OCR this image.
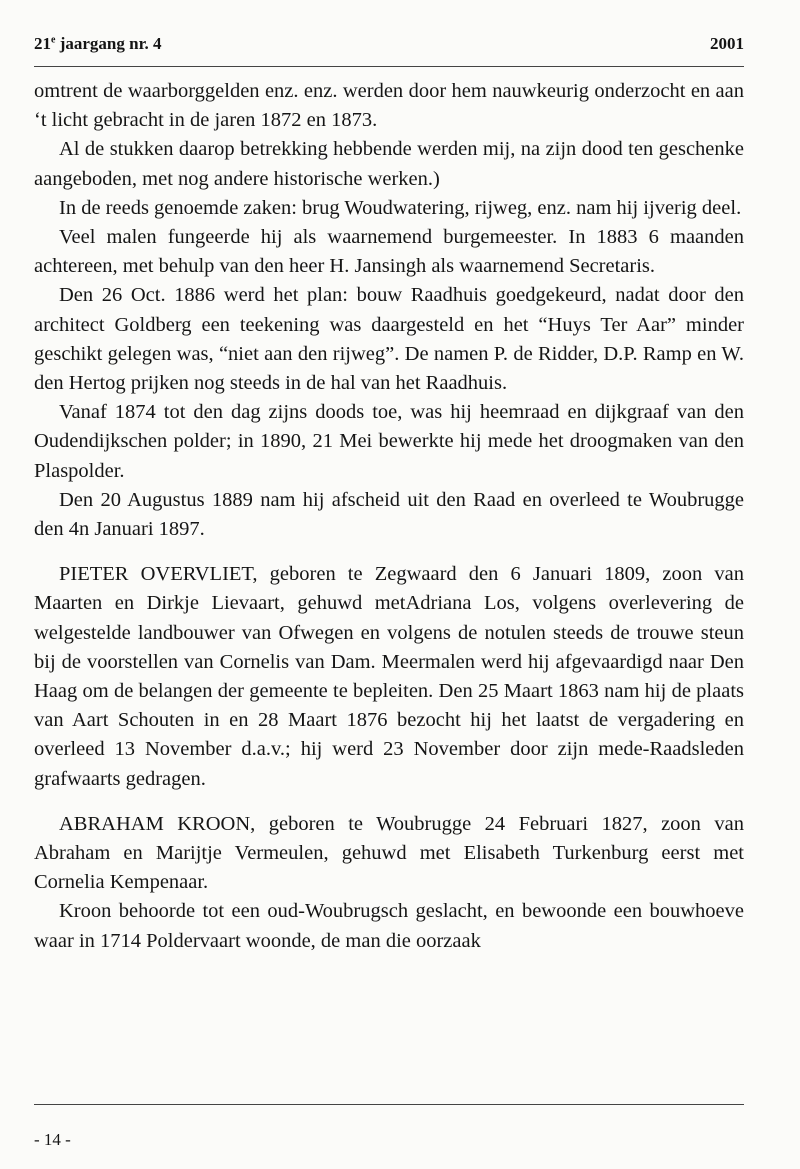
21e jaargang nr. 4	2001

omtrent de waarborggelden enz. enz. werden door hem nauwkeurig onderzocht en aan ‘t licht gebracht in de jaren 1872 en 1873.

Al de stukken daarop betrekking hebbende werden mij, na zijn dood ten geschenke aangeboden, met nog andere historische werken.)

In de reeds genoemde zaken: brug Woudwatering, rijweg, enz. nam hij ijverig deel.

Veel malen fungeerde hij als waarnemend burgemeester. In 1883 6 maanden achtereen, met behulp van den heer H. Jansingh als waarnemend Secretaris.

Den 26 Oct. 1886 werd het plan: bouw Raadhuis goedgekeurd, nadat door den architect Goldberg een teekening was daargesteld en het “Huys Ter Aar” minder geschikt gelegen was, “niet aan den rijweg”. De namen P. de Ridder, D.P. Ramp en W. den Hertog prijken nog steeds in de hal van het Raadhuis.

Vanaf 1874 tot den dag zijns doods toe, was hij heemraad en dijkgraaf van den Oudendijkschen polder; in 1890, 21 Mei bewerkte hij mede het droogmaken van den Plaspolder.

Den 20 Augustus 1889 nam hij afscheid uit den Raad en overleed te Woubrugge den 4n Januari 1897.

PIETER OVERVLIET, geboren te Zegwaard den 6 Januari 1809, zoon van Maarten en Dirkje Lievaart, gehuwd metAdriana Los, volgens overlevering de welgestelde landbouwer van Ofwegen en volgens de notulen steeds de trouwe steun bij de voorstellen van Cornelis van Dam. Meermalen werd hij afgevaardigd naar Den Haag om de belangen der gemeente te bepleiten. Den 25 Maart 1863 nam hij de plaats van Aart Schouten in en 28 Maart 1876 bezocht hij het laatst de vergadering en overleed 13 November d.a.v.; hij werd 23 November door zijn mede-Raadsleden grafwaarts gedragen.

ABRAHAM KROON, geboren te Woubrugge 24 Februari 1827, zoon van Abraham en Marijtje Vermeulen, gehuwd met Elisabeth Turkenburg eerst met Cornelia Kempenaar.

Kroon behoorde tot een oud-Woubrugsch geslacht, en bewoonde een bouwhoeve waar in 1714 Poldervaart woonde, de man die oorzaak

- 14 -
